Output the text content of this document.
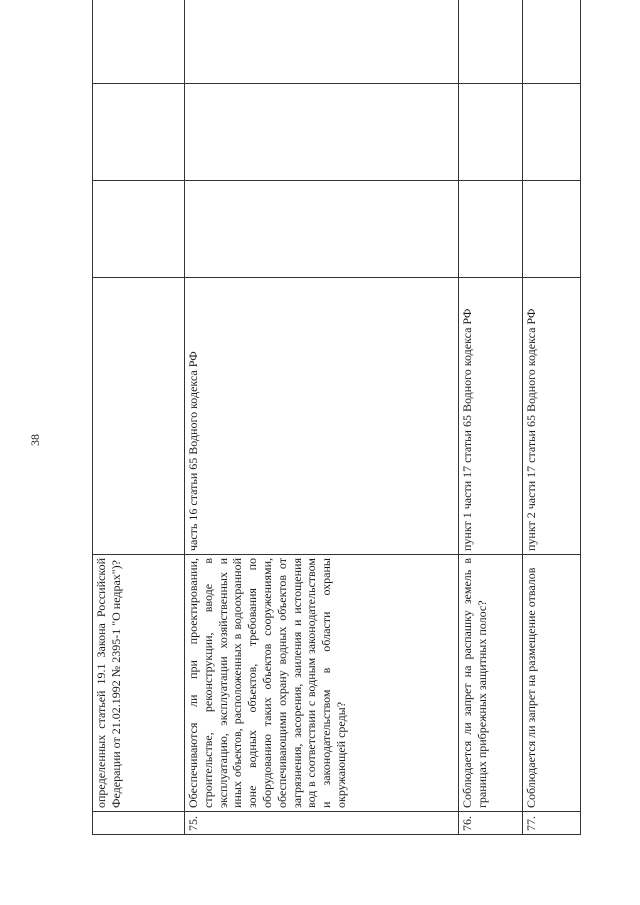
38
	определенных статьей 19.1 Закона Российской Федерации от 21.02.1992 № 2395-1 "О недрах")?				
75.	Обеспечиваются ли при проектировании, строительстве, реконструкции, вводе в эксплуатацию, эксплуатации хозяйственных и иных объектов, расположенных в водоохранной зоне водных объектов, требования по оборудованию таких объектов сооружениями, обеспечивающими охрану водных объектов от загрязнения, засорения, заиления и истощения вод в соответствии с водным законодательством и законодательством в области охраны окружающей среды?	часть 16 статьи 65 Водного кодекса РФ			
76.	Соблюдается ли запрет на распашку земель в границах прибрежных защитных полос?	пункт 1 части 17 статьи 65 Водного кодекса РФ			
77.	Соблюдается ли запрет на размещение отвалов	пункт 2 части 17 статьи 65 Водного кодекса РФ			
